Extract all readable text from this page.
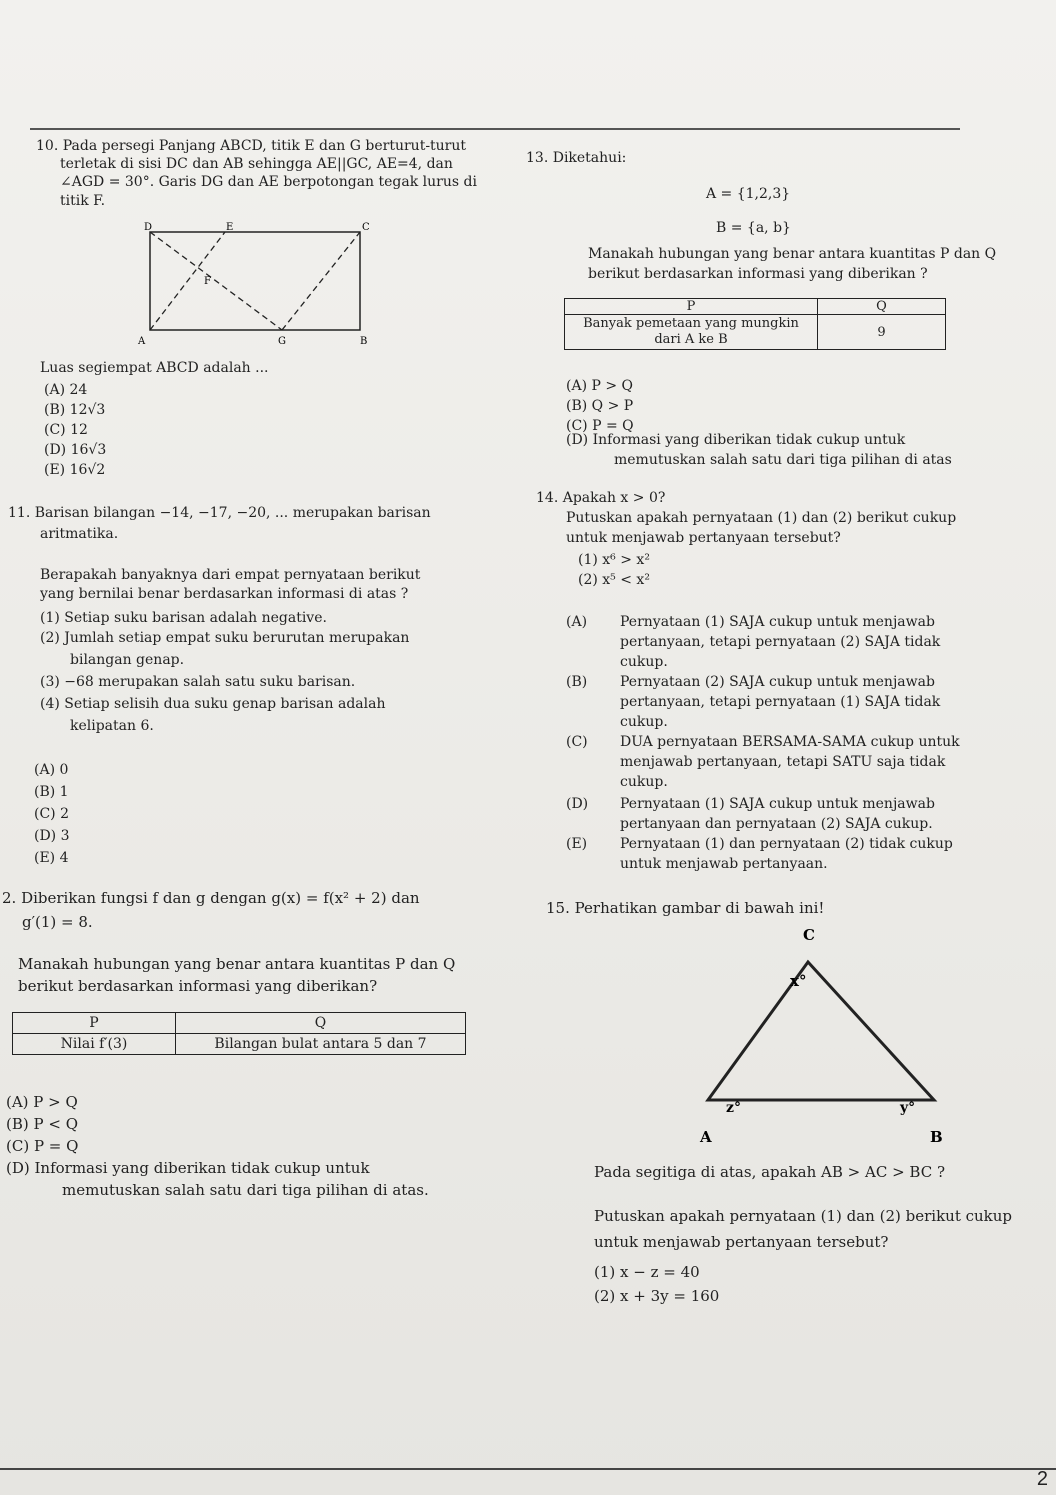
10. Pada persegi Panjang ABCD, titik E dan G berturut-turut
terletak di sisi DC dan AB sehingga AE||GC, AE=4, dan
∠AGD = 30°. Garis DG dan AE berpotongan tegak lurus di
titik F.
D	E	C
F
A	G	B
Luas segiempat ABCD adalah ...
(A) 24
(B) 12√3
(C) 12
(D) 16√3
(E) 16√2
11. Barisan bilangan −14, −17, −20, ... merupakan barisan
aritmatika.
Berapakah banyaknya dari empat pernyataan berikut
yang bernilai benar berdasarkan informasi di atas ?
(1) Setiap suku barisan adalah negative.
(2) Jumlah setiap empat suku berurutan merupakan
bilangan genap.
(3) −68 merupakan salah satu suku barisan.
(4) Setiap selisih dua suku genap barisan adalah
kelipatan 6.
(A) 0
(B) 1
(C) 2
(D) 3
(E) 4
2. Diberikan fungsi f dan g dengan g(x) = f(x² + 2) dan
g′(1) = 8.
Manakah hubungan yang benar antara kuantitas P dan Q
berikut berdasarkan informasi yang diberikan?
P	Q
Nilai f′(3)	Bilangan bulat antara 5 dan 7
(A) P > Q
(B) P < Q
(C) P = Q
(D) Informasi yang diberikan tidak cukup untuk
memutuskan salah satu dari tiga pilihan di atas.
13. Diketahui:
A = {1,2,3}
B = {a, b}
Manakah hubungan yang benar antara kuantitas P dan Q
berikut berdasarkan informasi yang diberikan ?
P	Q

Banyak pemetaan yang mungkin
dari A ke B	9
(A) P > Q
(B) Q > P
(C) P = Q
(D) Informasi yang diberikan tidak cukup untuk
memutuskan salah satu dari tiga pilihan di atas
14. Apakah x > 0?
Putuskan apakah pernyataan (1) dan (2) berikut cukup
untuk menjawab pertanyaan tersebut?
(1) x⁶ > x²
(2) x⁵ < x²
(A) Pernyataan (1) SAJA cukup untuk menjawab
pertanyaan, tetapi pernyataan (2) SAJA tidak
cukup.
(B) Pernyataan (2) SAJA cukup untuk menjawab
pertanyaan, tetapi pernyataan (1) SAJA tidak
cukup.
(C) DUA pernyataan BERSAMA-SAMA cukup untuk
menjawab pertanyaan, tetapi SATU saja tidak
cukup.
(D) Pernyataan (1) SAJA cukup untuk menjawab
pertanyaan dan pernyataan (2) SAJA cukup.
(E) Pernyataan (1) dan pernyataan (2) tidak cukup
untuk menjawab pertanyaan.
15. Perhatikan gambar di bawah ini!
C
x°
z°	y°
A	B
Pada segitiga di atas, apakah AB > AC > BC ?
Putuskan apakah pernyataan (1) dan (2) berikut cukup
untuk menjawab pertanyaan tersebut?
(1) x − z = 40
(2) x + 3y = 160
2
